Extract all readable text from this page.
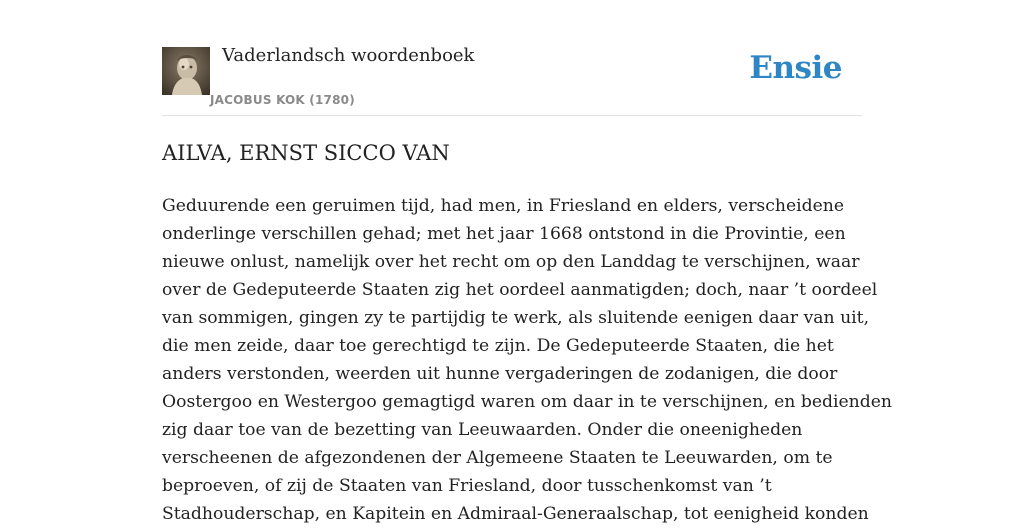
Vaderlandsch woordenboek
JACOBUS KOK (1780)
Ensie
AILVA, ERNST SICCO VAN
Geduurende een geruimen tijd, had men, in Friesland en elders, verscheidene
onderlinge verschillen gehad; met het jaar 1668 ontstond in die Provintie, een
nieuwe onlust, namelijk over het recht om op den Landdag te verschijnen, waar
over de Gedeputeerde Staaten zig het oordeel aanmatigden; doch, naar ’t oordeel
van sommigen, gingen zy te partijdig te werk, als sluitende eenigen daar van uit,
die men zeide, daar toe gerechtigd te zijn. De Gedeputeerde Staaten, die het
anders verstonden, weerden uit hunne vergaderingen de zodanigen, die door
Oostergoo en Westergoo gemagtigd waren om daar in te verschijnen, en bedienden
zig daar toe van de bezetting van Leeuwaarden. Onder die oneenigheden
verscheenen de afgezondenen der Algemeene Staaten te Leeuwarden, om te
beproeven, of zij de Staaten van Friesland, door tusschenkomst van ’t
Stadhouderschap, en Kapitein en Admiraal-Generaalschap, tot eenigheid konden
